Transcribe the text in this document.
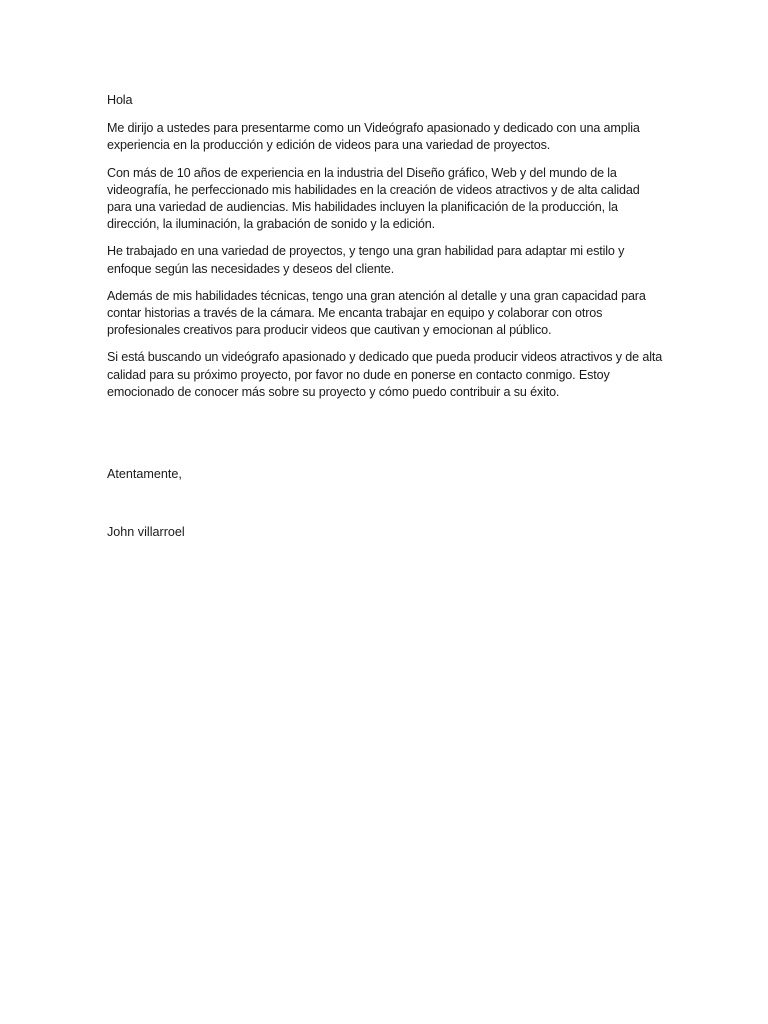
Hola

Me dirijo a ustedes para presentarme como un Videógrafo apasionado y dedicado con una amplia experiencia en la producción y edición de videos para una variedad de proyectos.

Con más de 10 años de experiencia en la industria del Diseño gráfico, Web y del mundo de la videografía, he perfeccionado mis habilidades en la creación de videos atractivos y de alta calidad para una variedad de audiencias. Mis habilidades incluyen la planificación de la producción, la dirección, la iluminación, la grabación de sonido y la edición.

He trabajado en una variedad de proyectos, y tengo una gran habilidad para adaptar mi estilo y enfoque según las necesidades y deseos del cliente.

Además de mis habilidades técnicas, tengo una gran atención al detalle y una gran capacidad para contar historias a través de la cámara. Me encanta trabajar en equipo y colaborar con otros profesionales creativos para producir videos que cautivan y emocionan al público.

Si está buscando un videógrafo apasionado y dedicado que pueda producir videos atractivos y de alta calidad para su próximo proyecto, por favor no dude en ponerse en contacto conmigo. Estoy emocionado de conocer más sobre su proyecto y cómo puedo contribuir a su éxito.

Atentamente,

John villarroel
